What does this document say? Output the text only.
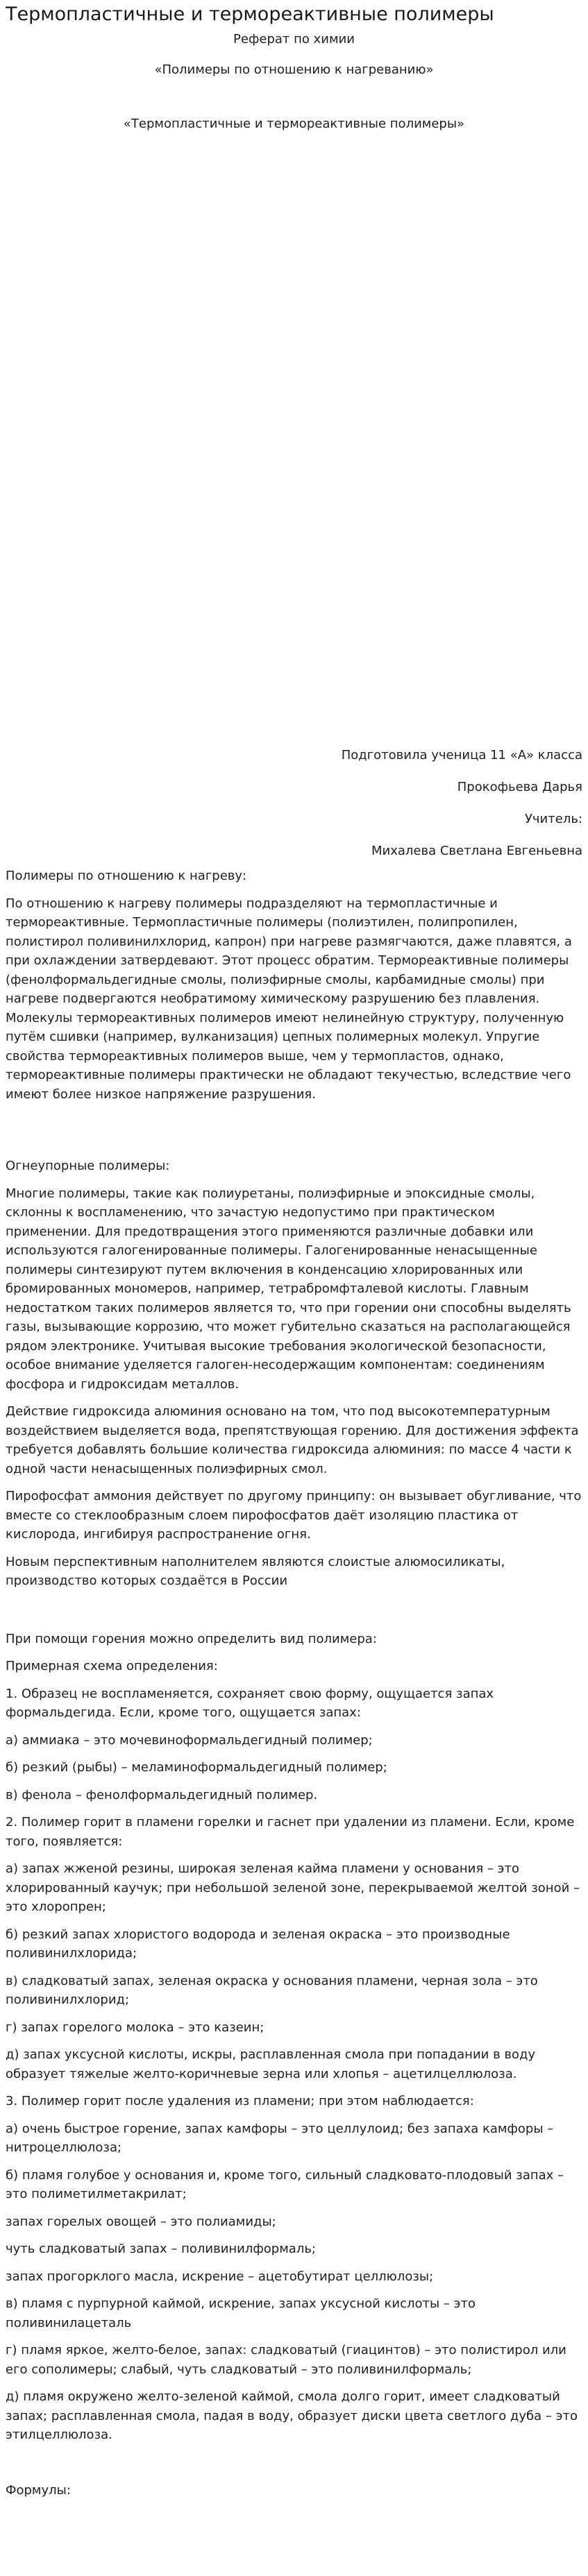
Термопластичные и термореактивные полимеры
Реферат по химии
«Полимеры по отношению к нагреванию»
«Термопластичные и термореактивные полимеры»
Подготовила ученица 11 «А» класса
Прокофьева Дарья
Учитель:
Михалева Светлана Евгеньевна

Полимеры по отношению к нагреву:

По отношению к нагреву полимеры подразделяют на термопластичные и термореактивные. Термопластичные полимеры (полиэтилен, полипропилен, полистирол поливинилхлорид, капрон) при нагреве размягчаются, даже плавятся, а при охлаждении затвердевают. Этот процесс обратим. Термореактивные полимеры (фенолформальдегидные смолы, полиэфирные смолы, карбамидные смолы) при нагреве подвергаются необратимому химическому разрушению без плавления. Молекулы термореактивных полимеров имеют нелинейную структуру, полученную путём сшивки (например, вулканизация) цепных полимерных молекул. Упругие свойства термореактивных полимеров выше, чем у термопластов, однако, термореактивные полимеры практически не обладают текучестью, вследствие чего имеют более низкое напряжение разрушения.

Огнеупорные полимеры:

Многие полимеры, такие как полиуретаны, полиэфирные и эпоксидные смолы, склонны к воспламенению, что зачастую недопустимо при практическом применении. Для предотвращения этого применяются различные добавки или используются галогенированные полимеры. Галогенированные ненасыщенные полимеры синтезируют путем включения в конденсацию хлорированных или бромированных мономеров, например, тетрабромфталевой кислоты. Главным недостатком таких полимеров является то, что при горении они способны выделять газы, вызывающие коррозию, что может губительно сказаться на располагающейся рядом электронике. Учитывая высокие требования экологической безопасности, особое внимание уделяется галоген-несодержащим компонентам: соединениям фосфора и гидроксидам металлов.

Действие гидроксида алюминия основано на том, что под высокотемпературным воздействием выделяется вода, препятствующая горению. Для достижения эффекта требуется добавлять большие количества гидроксида алюминия: по массе 4 части к одной части ненасыщенных полиэфирных смол.

Пирофосфат аммония действует по другому принципу: он вызывает обугливание, что вместе со стеклообразным слоем пирофосфатов даёт изоляцию пластика от кислорода, ингибируя распространение огня.

Новым перспективным наполнителем являются слоистые алюмосиликаты, производство которых создаётся в России

При помощи горения можно определить вид полимера:

Примерная схема определения:

1. Образец не воспламеняется, сохраняет свою форму, ощущается запах формальдегида. Если, кроме того, ощущается запах:

а) аммиака – это мочевиноформальдегидный полимер;

б) резкий (рыбы) – меламиноформальдегидный полимер;

в) фенола – фенолформальдегидный полимер.

2. Полимер горит в пламени горелки и гаснет при удалении из пламени. Если, кроме того, появляется:

а) запах жженой резины, широкая зеленая кайма пламени у основания – это хлорированный каучук; при небольшой зеленой зоне, перекрываемой желтой зоной – это хлоропрен;

б) резкий запах хлористого водорода и зеленая окраска – это производные поливинилхлорида;

в) сладковатый запах, зеленая окраска у основания пламени, черная зола – это поливинилхлорид;

г) запах горелого молока – это казеин;

д) запах уксусной кислоты, искры, расплавленная смола при попадании в воду образует тяжелые желто-коричневые зерна или хлопья – ацетилцеллюлоза.

3. Полимер горит после удаления из пламени; при этом наблюдается:

а) очень быстрое горение, запах камфоры – это целлулоид; без запаха камфоры – нитроцеллюлоза;

б) пламя голубое у основания и, кроме того, сильный сладковато-плодовый запах – это полиметилметакрилат;

запах горелых овощей – это полиамиды;

чуть сладковатый запах – поливинилформаль;

запах прогорклого масла, искрение – ацетобутират целлюлозы;

в) пламя с пурпурной каймой, искрение, запах уксусной кислоты – это поливинилацеталь

г) пламя яркое, желто-белое, запах: сладковатый (гиацинтов) – это полистирол или его сополимеры; слабый, чуть сладковатый – это поливинилформаль;

д) пламя окружено желто-зеленой каймой, смола долго горит, имеет сладковатый запах; расплавленная смола, падая в воду, образует диски цвета светлого дуба – это этилцеллюлоза.

Формулы:
